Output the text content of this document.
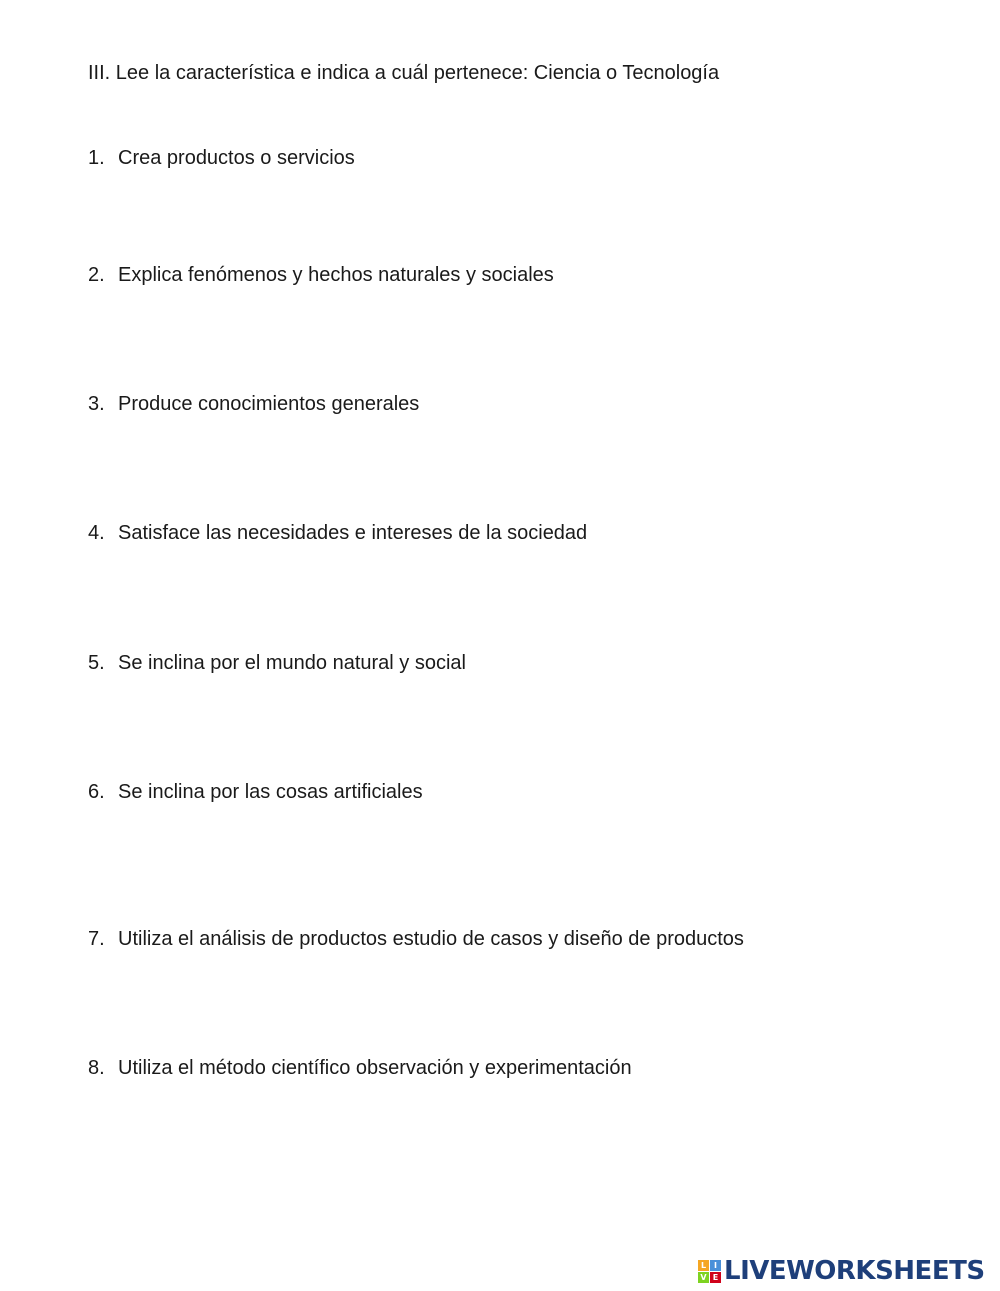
III. Lee la característica e indica a cuál pertenece: Ciencia o Tecnología
1. Crea productos o servicios
2. Explica fenómenos y hechos naturales y sociales
3. Produce conocimientos generales
4. Satisface las necesidades e intereses de la sociedad
5. Se inclina por el mundo natural y social
6. Se inclina por las cosas artificiales
7. Utiliza el análisis de productos estudio de casos y diseño de productos
8. Utiliza el método científico observación y experimentación
L I
V E LIVEWORKSHEETS
